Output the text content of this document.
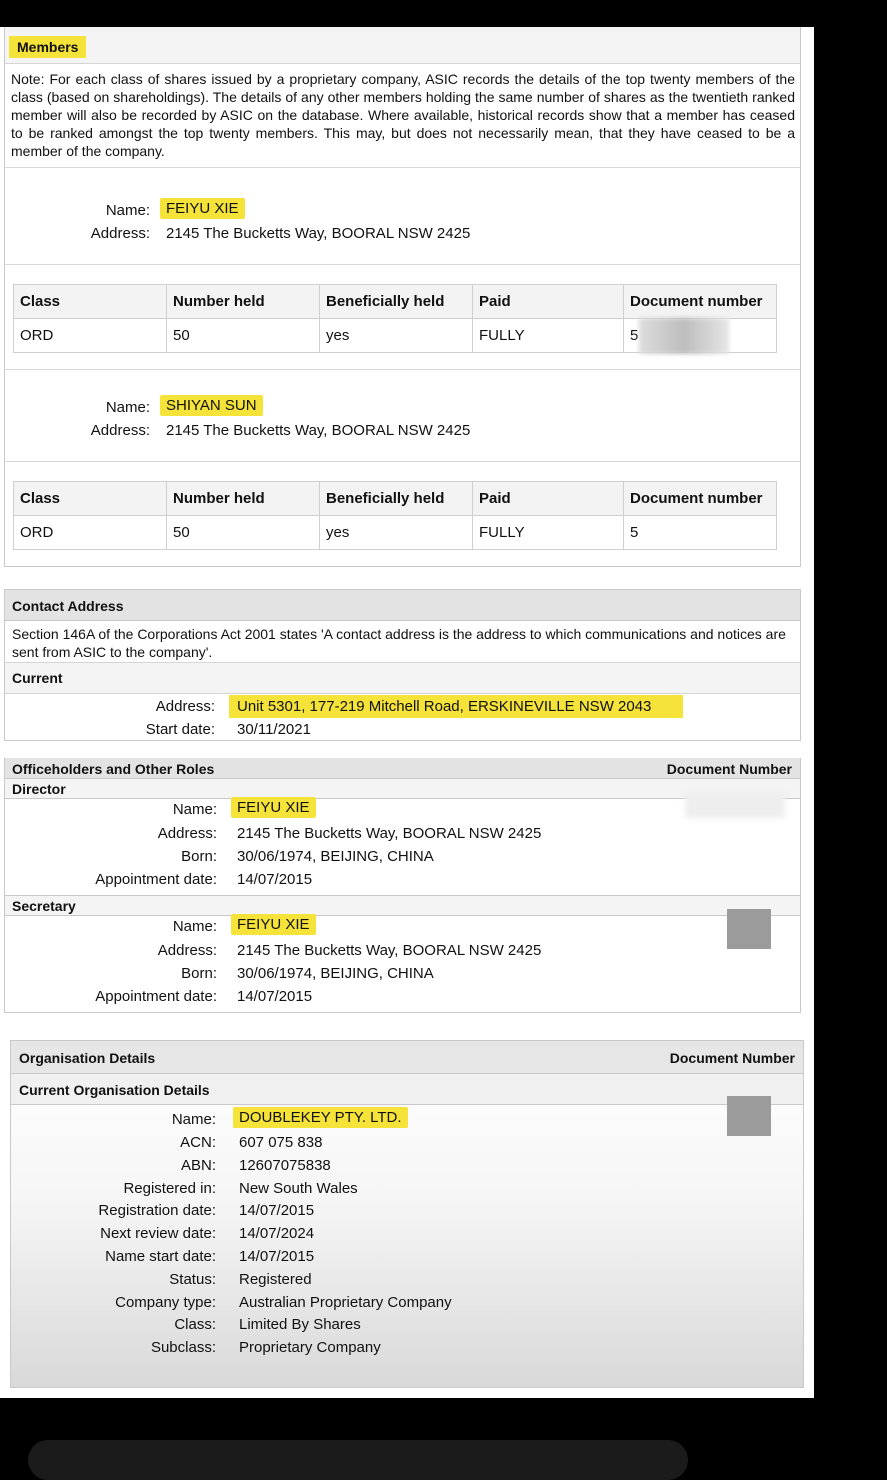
Members
Note: For each class of shares issued by a proprietary company, ASIC records the details of the top twenty members of the class (based on shareholdings). The details of any other members holding the same number of shares as the twentieth ranked member will also be recorded by ASIC on the database. Where available, historical records show that a member has ceased to be ranked amongst the top twenty members. This may, but does not necessarily mean, that they have ceased to be a member of the company.
Name:	FEIYU XIE
Address: 2145 The Bucketts Way, BOORAL NSW 2425
Class	Number held	Beneficially held	Paid	Document number
ORD	50	yes	FULLY	5
Name:	SHIYAN SUN
Address: 2145 The Bucketts Way, BOORAL NSW 2425
Class	Number held	Beneficially held	Paid	Document number
ORD	50	yes	FULLY	5
Contact Address
Section 146A of the Corporations Act 2001 states 'A contact address is the address to which communications and notices are sent from ASIC to the company'.
Current
Address:	Unit 5301, 177-219 Mitchell Road, ERSKINEVILLE NSW 2043
Start date: 30/11/2021
Officeholders and Other Roles	Document Number
Director
Name:	FEIYU XIE
Address: 2145 The Bucketts Way, BOORAL NSW 2425
Born: 30/06/1974, BEIJING, CHINA
Appointment date: 14/07/2015
Secretary
Name:	FEIYU XIE
Address: 2145 The Bucketts Way, BOORAL NSW 2425
Born: 30/06/1974, BEIJING, CHINA
Appointment date: 14/07/2015
Organisation Details	Document Number
Current Organisation Details
Name:	DOUBLEKEY PTY. LTD.
ACN: 607 075 838
ABN: 12607075838
Registered in: New South Wales
Registration date: 14/07/2015
Next review date: 14/07/2024
Name start date: 14/07/2015
Status: Registered
Company type: Australian Proprietary Company
Class: Limited By Shares
Subclass: Proprietary Company
